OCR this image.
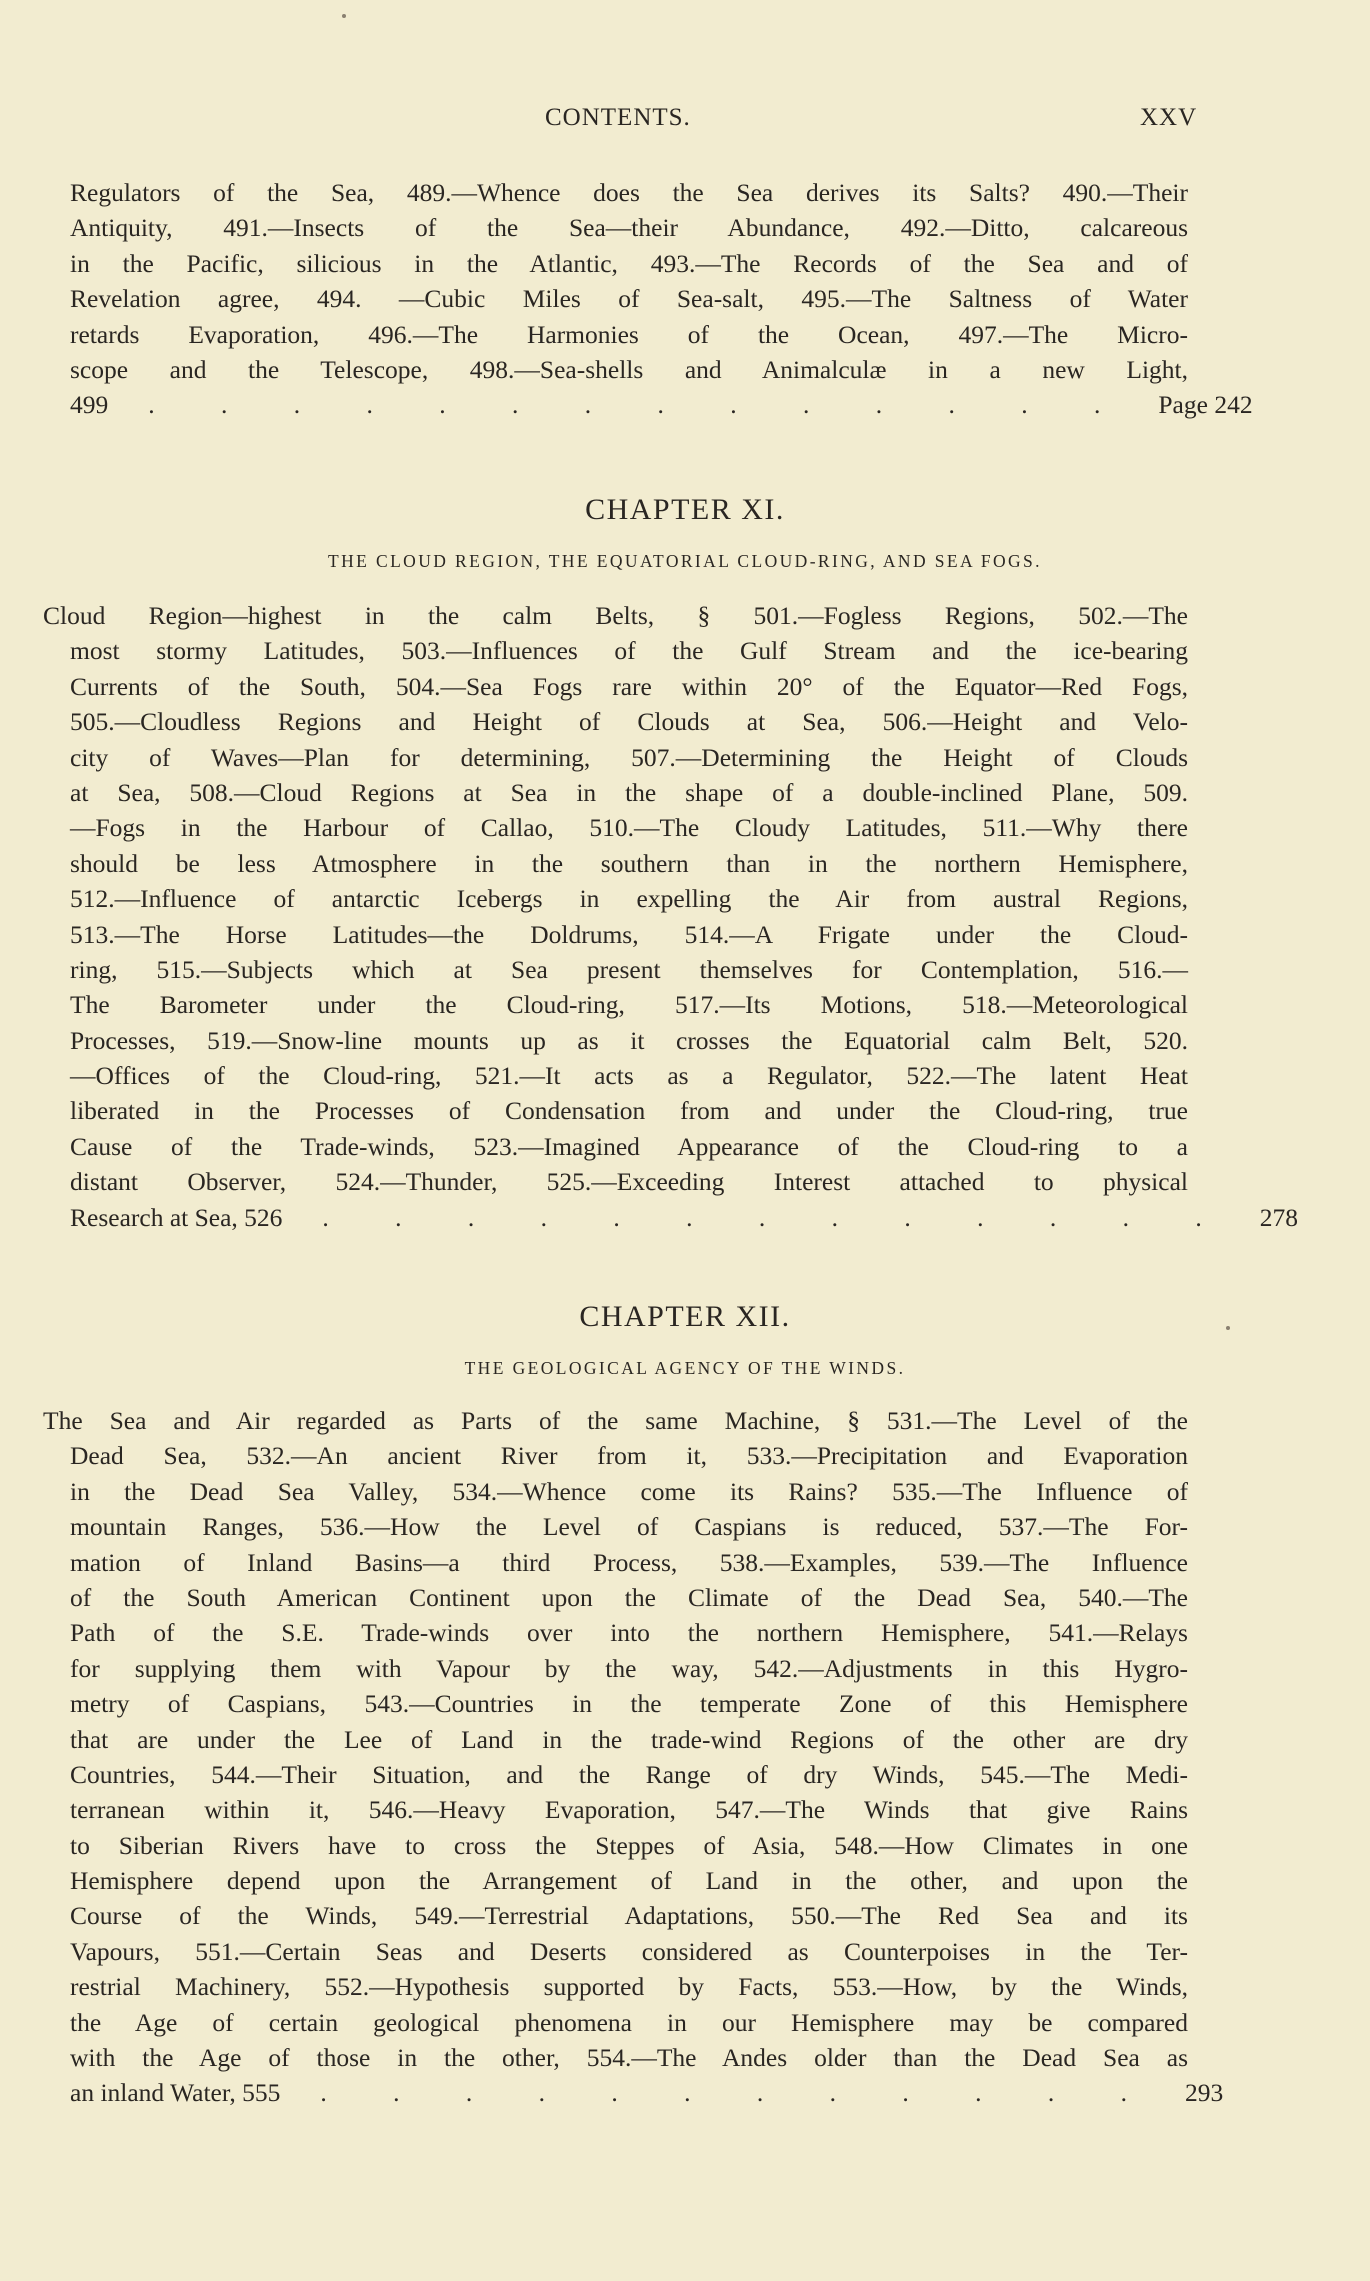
CONTENTS.	XXV
Regulators of the Sea, 489.—Whence does the Sea derives its Salts? 490.—Their
Antiquity, 491.—Insects of the Sea—their Abundance, 492.—Ditto, calcareous
in the Pacific, silicious in the Atlantic, 493.—The Records of the Sea and of
Revelation agree, 494. —Cubic Miles of Sea-salt, 495.—The Saltness of Water
retards Evaporation, 496.—The Harmonies of the Ocean, 497.—The Micro-
scope and the Telescope, 498.—Sea-shells and Animalculæ in a new Light,
499 . . . . . . . . . . . . . . Page 242
CHAPTER XI.
THE CLOUD REGION, THE EQUATORIAL CLOUD-RING, AND SEA FOGS.
Cloud Region—highest in the calm Belts, § 501.—Fogless Regions, 502.—The
most stormy Latitudes, 503.—Influences of the Gulf Stream and the ice-bearing
Currents of the South, 504.—Sea Fogs rare within 20° of the Equator—Red Fogs,
505.—Cloudless Regions and Height of Clouds at Sea, 506.—Height and Velo-
city of Waves—Plan for determining, 507.—Determining the Height of Clouds
at Sea, 508.—Cloud Regions at Sea in the shape of a double-inclined Plane, 509.
—Fogs in the Harbour of Callao, 510.—The Cloudy Latitudes, 511.—Why there
should be less Atmosphere in the southern than in the northern Hemisphere,
512.—Influence of antarctic Icebergs in expelling the Air from austral Regions,
513.—The Horse Latitudes—the Doldrums, 514.—A Frigate under the Cloud-
ring, 515.—Subjects which at Sea present themselves for Contemplation, 516.—
The Barometer under the Cloud-ring, 517.—Its Motions, 518.—Meteorological
Processes, 519.—Snow-line mounts up as it crosses the Equatorial calm Belt, 520.
—Offices of the Cloud-ring, 521.—It acts as a Regulator, 522.—The latent Heat
liberated in the Processes of Condensation from and under the Cloud-ring, true
Cause of the Trade-winds, 523.—Imagined Appearance of the Cloud-ring to a
distant Observer, 524.—Thunder, 525.—Exceeding Interest attached to physical
Research at Sea, 526 . . . . . . . . . . . . . 278
CHAPTER XII.
THE GEOLOGICAL AGENCY OF THE WINDS.
The Sea and Air regarded as Parts of the same Machine, § 531.—The Level of the
Dead Sea, 532.—An ancient River from it, 533.—Precipitation and Evaporation
in the Dead Sea Valley, 534.—Whence come its Rains? 535.—The Influence of
mountain Ranges, 536.—How the Level of Caspians is reduced, 537.—The For-
mation of Inland Basins—a third Process, 538.—Examples, 539.—The Influence
of the South American Continent upon the Climate of the Dead Sea, 540.—The
Path of the S.E. Trade-winds over into the northern Hemisphere, 541.—Relays
for supplying them with Vapour by the way, 542.—Adjustments in this Hygro-
metry of Caspians, 543.—Countries in the temperate Zone of this Hemisphere
that are under the Lee of Land in the trade-wind Regions of the other are dry
Countries, 544.—Their Situation, and the Range of dry Winds, 545.—The Medi-
terranean within it, 546.—Heavy Evaporation, 547.—The Winds that give Rains
to Siberian Rivers have to cross the Steppes of Asia, 548.—How Climates in one
Hemisphere depend upon the Arrangement of Land in the other, and upon the
Course of the Winds, 549.—Terrestrial Adaptations, 550.—The Red Sea and its
Vapours, 551.—Certain Seas and Deserts considered as Counterpoises in the Ter-
restrial Machinery, 552.—Hypothesis supported by Facts, 553.—How, by the Winds,
the Age of certain geological phenomena in our Hemisphere may be compared
with the Age of those in the other, 554.—The Andes older than the Dead Sea as
an inland Water, 555 . . . . . . . . . . . . 293
